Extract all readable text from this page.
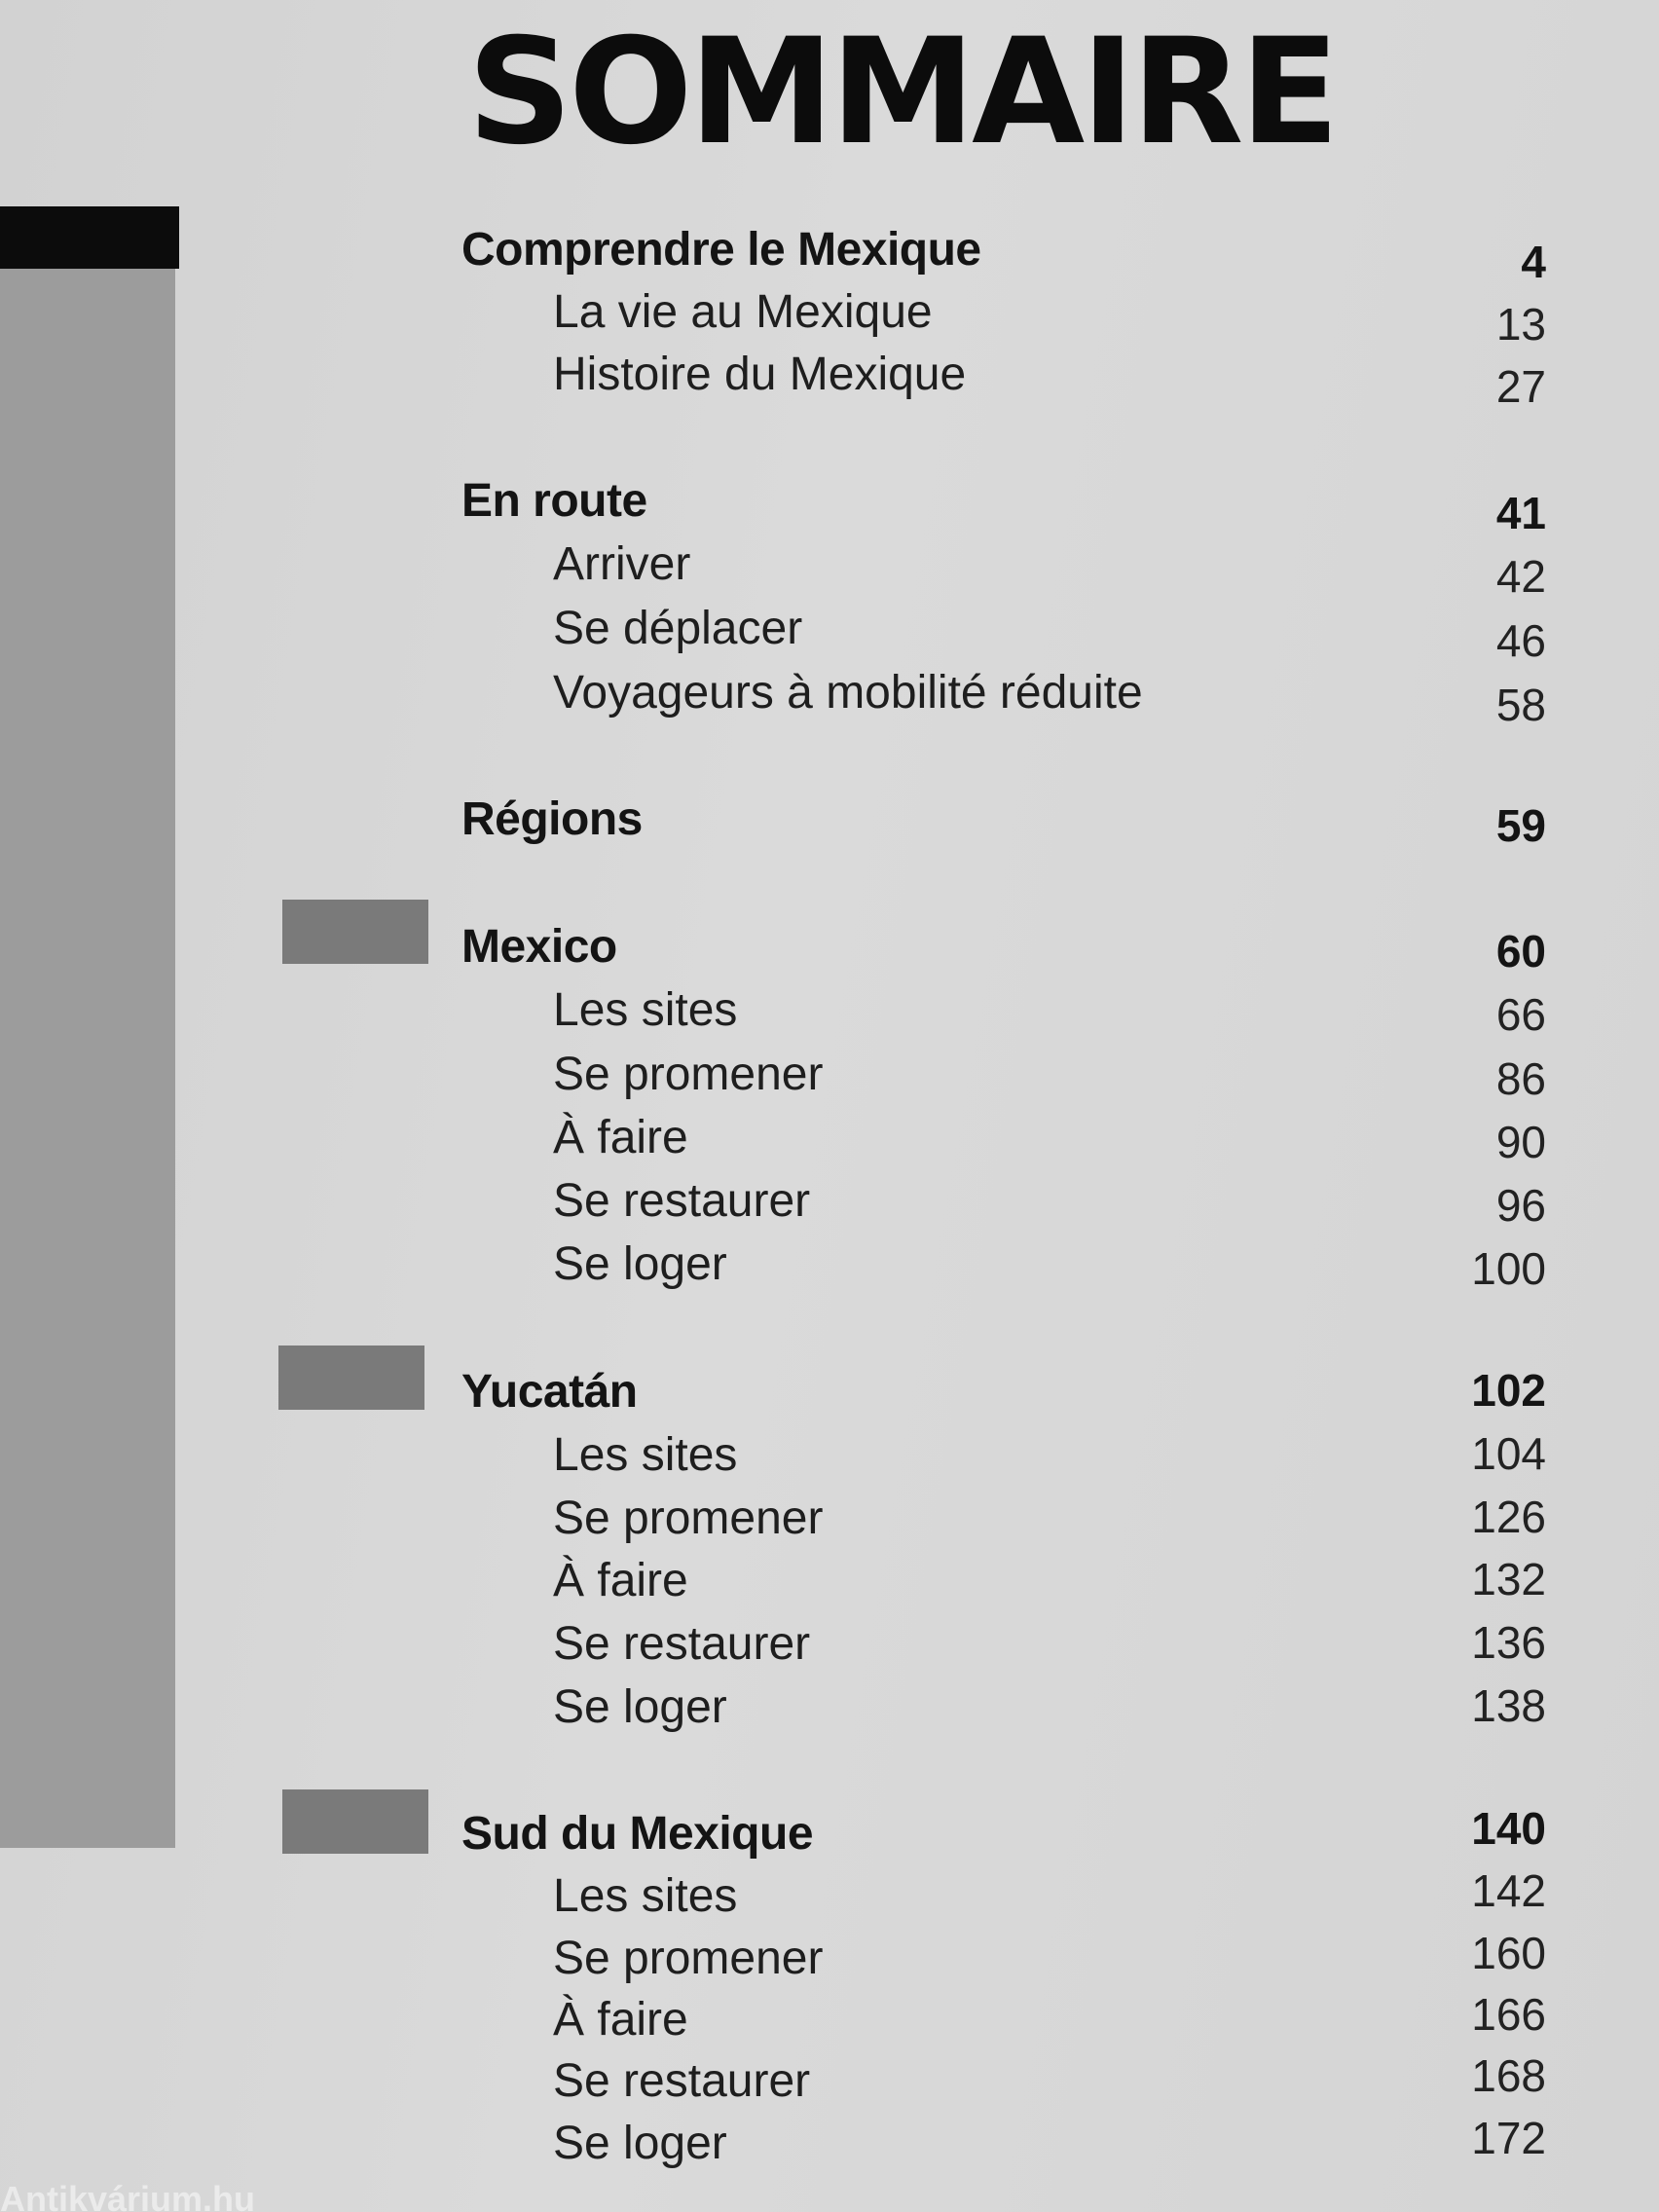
SOMMAIRE
Comprendre le Mexique	4
La vie au Mexique	13
Histoire du Mexique	27
En route	41
Arriver	42
Se déplacer	46
Voyageurs à mobilité réduite	58
Régions	59
Mexico	60
Les sites	66
Se promener	86
À faire	90
Se restaurer	96
Se loger	100
Yucatán	102
Les sites	104
Se promener	126
À faire	132
Se restaurer	136
Se loger	138
Sud du Mexique	140
Les sites	142
Se promener	160
À faire	166
Se restaurer	168
Se loger	172
Antikvárium.hu
